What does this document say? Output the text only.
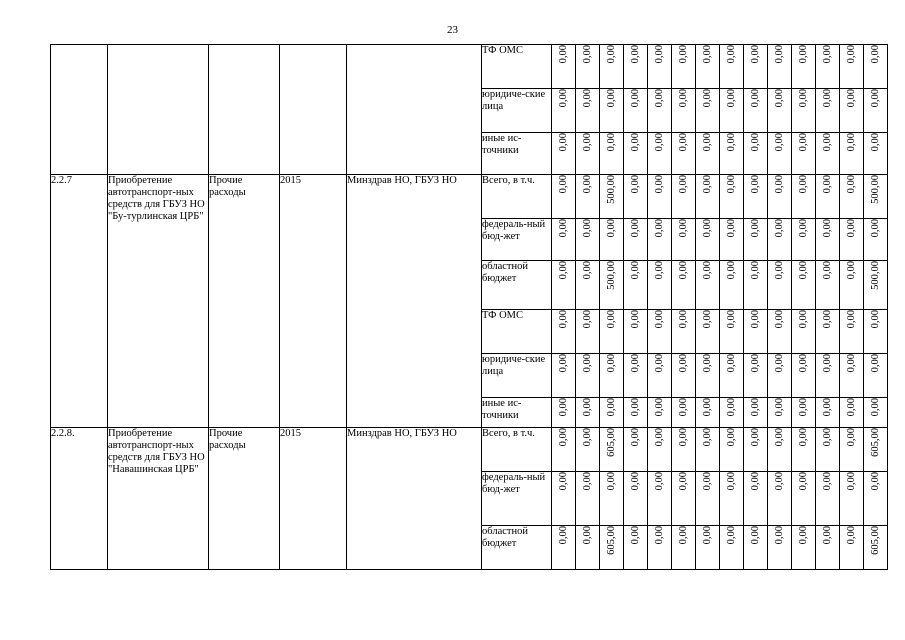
23
					ТФ ОМС	0,00	0,00	0,00	0,00	0,00	0,00	0,00	0,00	0,00	0,00	0,00	0,00	0,00	0,00
					юридиче-ские лица	0,00	0,00	0,00	0,00	0,00	0,00	0,00	0,00	0,00	0,00	0,00	0,00	0,00	0,00
					иные ис-точники	0,00	0,00	0,00	0,00	0,00	0,00	0,00	0,00	0,00	0,00	0,00	0,00	0,00	0,00
2.2.7	Приобретение автотранспорт-ных средств для ГБУЗ НО "Бу-турлинская ЦРБ"	Прочие расходы	2015	Минздрав НО, ГБУЗ НО	Всего, в т.ч.	0,00	0,00	500,00	0,00	0,00	0,00	0,00	0,00	0,00	0,00	0,00	0,00	0,00	500,00
					федераль-ный бюд-жет	0,00	0,00	0,00	0,00	0,00	0,00	0,00	0,00	0,00	0,00	0,00	0,00	0,00	0,00
					областной бюджет	0,00	0,00	500,00	0,00	0,00	0,00	0,00	0,00	0,00	0,00	0,00	0,00	0,00	500,00
					ТФ ОМС	0,00	0,00	0,00	0,00	0,00	0,00	0,00	0,00	0,00	0,00	0,00	0,00	0,00	0,00
					юридиче-ские лица	0,00	0,00	0,00	0,00	0,00	0,00	0,00	0,00	0,00	0,00	0,00	0,00	0,00	0,00
					иные ис-точники	0,00	0,00	0,00	0,00	0,00	0,00	0,00	0,00	0,00	0,00	0,00	0,00	0,00	0,00
2.2.8.	Приобретение автотранспорт-ных средств для ГБУЗ НО "Навашинская ЦРБ"	Прочие расходы	2015	Минздрав НО, ГБУЗ НО	Всего, в т.ч.	0,00	0,00	605,00	0,00	0,00	0,00	0,00	0,00	0,00	0,00	0,00	0,00	0,00	605,00
					федераль-ный бюд-жет	0,00	0,00	0,00	0,00	0,00	0,00	0,00	0,00	0,00	0,00	0,00	0,00	0,00	0,00
					областной бюджет	0,00	0,00	605,00	0,00	0,00	0,00	0,00	0,00	0,00	0,00	0,00	0,00	0,00	605,00
